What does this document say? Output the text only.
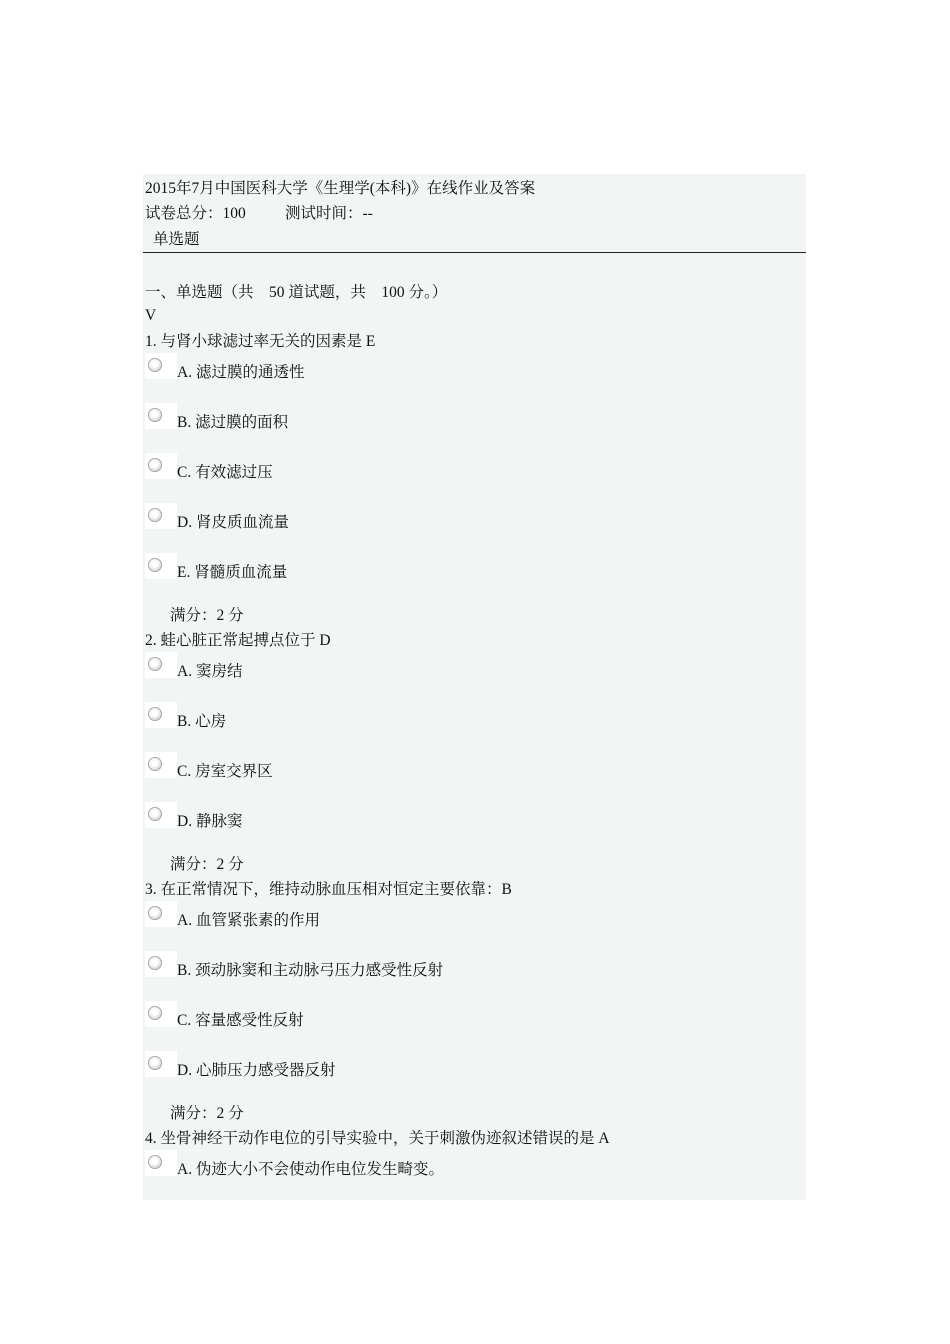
2015年7月中国医科大学《生理学(本科)》在线作业及答案
试卷总分：100	测试时间：--
单选题
一、单选题（共　50 道试题，共　100 分。）
V
1. 与肾小球滤过率无关的因素是 E
A. 滤过膜的通透性
B. 滤过膜的面积
C. 有效滤过压
D. 肾皮质血流量
E. 肾髓质血流量
满分：2 分
2. 蛙心脏正常起搏点位于 D
A. 窦房结
B. 心房
C. 房室交界区
D. 静脉窦
满分：2 分
3. 在正常情况下，维持动脉血压相对恒定主要依靠：B
A. 血管紧张素的作用
B. 颈动脉窦和主动脉弓压力感受性反射
C. 容量感受性反射
D. 心肺压力感受器反射
满分：2 分
4. 坐骨神经干动作电位的引导实验中，关于刺激伪迹叙述错误的是 A
A. 伪迹大小不会使动作电位发生畸变。
